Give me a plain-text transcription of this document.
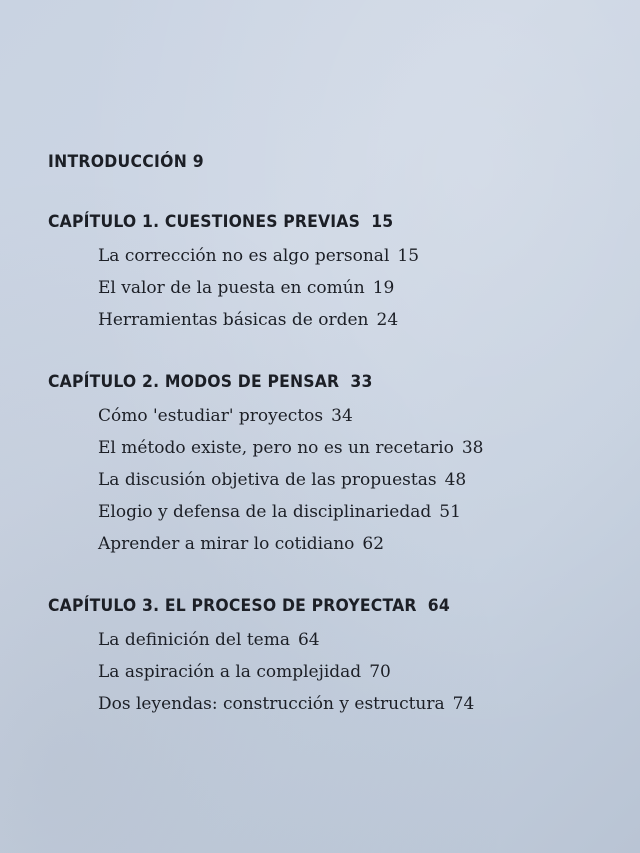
INTRODUCCIÓN 9
CAPÍTULO 1. CUESTIONES PREVIAS 15
La corrección no es algo personal 15
El valor de la puesta en común 19
Herramientas básicas de orden 24
CAPÍTULO 2. MODOS DE PENSAR 33
Cómo 'estudiar' proyectos 34
El método existe, pero no es un recetario 38
La discusión objetiva de las propuestas 48
Elogio y defensa de la disciplinariedad 51
Aprender a mirar lo cotidiano 62
CAPÍTULO 3. EL PROCESO DE PROYECTAR 64
La definición del tema 64
La aspiración a la complejidad 70
Dos leyendas: construcción y estructura 74
